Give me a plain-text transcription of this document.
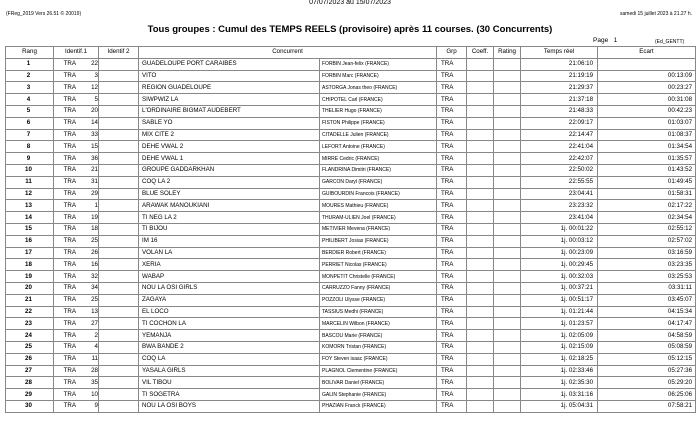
07/07/2023 au 15/07/2023
(FReg_2019 Vers 26.51 © 20019)	samedi 15 juillet 2023 à 21.27 h.
Tous groupes : Cumul des TEMPS REELS (provisoire) après 11 courses. (30 Concurrents)
Page 1	(Ed_GENTT)
Rang	Identif.1	Identif 2	Concurrent		Grp	Coeff.	Rating	Temps réel	Ecart
1	TRA 22		GUADELOUPE PORT CARAIBES	FORBIN Jean-felix (FRANCE)	TRA			21:06:10	
2	TRA 3		VITO	FORBIN Marc (FRANCE)	TRA			21:19:19	00:13:09
3	TRA 12		REGION GUADELOUPE	ASTORGA Jonas theo (FRANCE)	TRA			21:29:37	00:23:27
4	TRA 5		SIWPWIZ LA	CHIPOTEL Carl (FRANCE)	TRA			21:37:18	00:31:08
5	TRA 20		L'ORDINAIRE BIGMAT AUDEBERT	THELIER Hugo (FRANCE)	TRA			21:48:33	00:42:23
6	TRA 14		SABLE YO	FISTON Philippe (FRANCE)	TRA			22:09:17	01:03:07
7	TRA 33		MIX CITE 2	CITADELLE Julien (FRANCE)	TRA			22:14:47	01:08:37
8	TRA 15		DEHE VWAL 2	LEFORT Antoine (FRANCE)	TRA			22:41:04	01:34:54
9	TRA 36		DEHE VWAL 1	MIRRE Cedric (FRANCE)	TRA			22:42:07	01:35:57
10	TRA 21		GROUPE GADDARKHAN	FLANDRINA Dimitri (FRANCE)	TRA			22:50:02	01:43:52
11	TRA 31		COQ LA 2	GARCON Daryl (FRANCE)	TRA			22:55:55	01:49:45
12	TRA 29		BLUE SOLEY	GUIBOURDIN Francois (FRANCE)	TRA			23:04:41	01:58:31
13	TRA 1		ARAWAK MANOUKIANI	MOURES Mathieu (FRANCE)	TRA			23:23:32	02:17:22
14	TRA 19		TI NEG LA 2	THURAM-ULIEN Joel (FRANCE)	TRA			23:41:04	02:34:54
15	TRA 18		TI BIJOU	METIVIER Mevena (FRANCE)	TRA			1j. 00:01:22	02:55:12
16	TRA 25		IM 16	PHILIBERT Josias (FRANCE)	TRA			1j. 00:03:12	02:57:02
17	TRA 26		VOLAN LA	BERDIER Robert (FRANCE)	TRA			1j. 00:23:09	03:16:59
18	TRA 16		XERIA	PERRIET Nicolas (FRANCE)	TRA			1j. 00:29:45	03:23:35
19	TRA 32		WABAP	MONPETIT Christelle (FRANCE)	TRA			1j. 00:32:03	03:25:53
20	TRA 34		NOU LA OSI GIRLS	CARRUZZO Fanny (FRANCE)	TRA			1j. 00:37:21	03:31:11
21	TRA 25		ZAGAYA	POZZOLI Ulysse (FRANCE)	TRA			1j. 00:51:17	03:45:07
22	TRA 13		EL LOCO	TASSIUS Medhi (FRANCE)	TRA			1j. 01:21:44	04:15:34
23	TRA 27		TI COCHON LA	MARCELIN Wilbon (FRANCE)	TRA			1j. 01:23:57	04:17:47
24	TRA 2		YEMANJA	BASCOU Marie (FRANCE)	TRA			1j. 02:05:09	04:58:59
25	TRA 4		BWA BANDE 2	KOMORN Tristan (FRANCE)	TRA			1j. 02:15:09	05:08:59
26	TRA 11		COQ LA	FOY Steven isaac (FRANCE)	TRA			1j. 02:18:25	05:12:15
27	TRA 28		YASALA GIRLS	PLAGNOL Clementine (FRANCE)	TRA			1j. 02:33:46	05:27:36
28	TRA 35		VIL TIBOU	BOLIVAR Daniel (FRANCE)	TRA			1j. 02:35:30	05:29:20
29	TRA 10		TI SOGETRA	GALIN Stephanie (FRANCE)	TRA			1j. 03:31:16	06:25:06
30	TRA 9		NOU LA OSI BOYS	PHAZIAN Franck (FRANCE)	TRA			1j. 05:04:31	07:58:21
